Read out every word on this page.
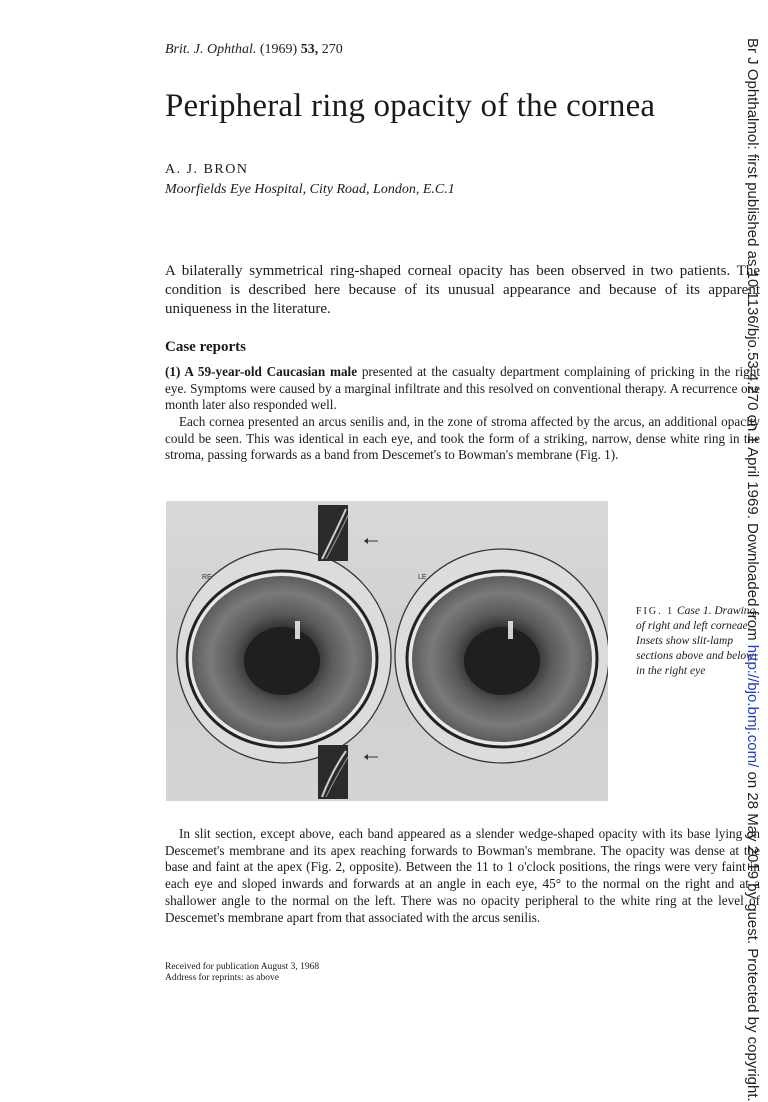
Brit. J. Ophthal. (1969) 53, 270
Peripheral ring opacity of the cornea
A. J. BRON
Moorfields Eye Hospital, City Road, London, E.C.1

A bilaterally symmetrical ring-shaped corneal opacity has been observed in two patients. The condition is described here because of its unusual appearance and because of its apparent uniqueness in the literature.

Case reports

(1) A 59-year-old Caucasian male presented at the casualty department complaining of pricking in the right eye. Symptoms were caused by a marginal infiltrate and this resolved on conventional therapy. A recurrence one month later also responded well.

Each cornea presented an arcus senilis and, in the zone of stroma affected by the arcus, an additional opacity could be seen. This was identical in each eye, and took the form of a striking, narrow, dense white ring in the stroma, passing forwards as a band from Descemet's to Bowman's membrane (Fig. 1).

RE	LE

FIG. 1 Case 1. Drawing of right and left corneae. Insets show slit-lamp sections above and below in the right eye

In slit section, except above, each band appeared as a slender wedge-shaped opacity with its base lying on Descemet's membrane and its apex reaching forwards to Bowman's membrane. The opacity was dense at the base and faint at the apex (Fig. 2, opposite). Between the 11 to 1 o'clock positions, the rings were very faint in each eye and sloped inwards and forwards at an angle in each eye, 45° to the normal on the right and at a shallower angle to the normal on the left. There was no opacity peripheral to the white ring at the level of Descemet's membrane apart from that associated with the arcus senilis.

Received for publication August 3, 1968
Address for reprints: as above
Br J Ophthalmol: first published as 10.1136/bjo.53.4.270 on 1 April 1969. Downloaded from http://bjo.bmj.com/ on 28 May 2019 by guest. Protected by copyright.
